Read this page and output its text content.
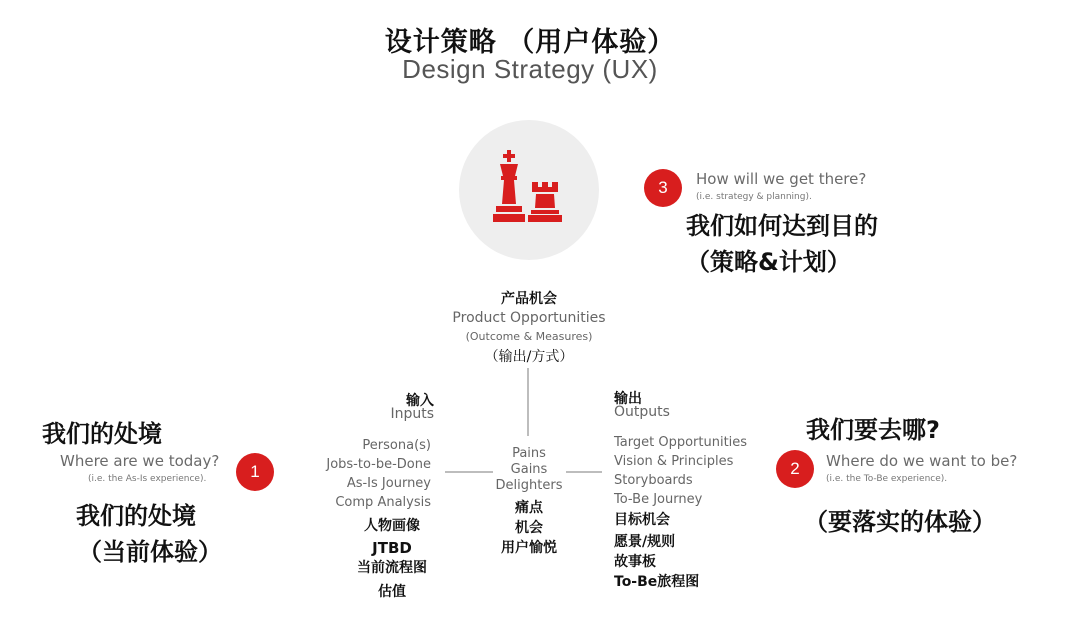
设计策略 （用户体验）
Design Strategy (UX)
3	How will we get there?
(i.e. strategy & planning).
我们如何达到目的
（策略&计划）
产品机会
Product Opportunities
(Outcome & Measures)
（输出/方式）
输入
Inputs
Persona(s)
Jobs-to-be-Done
As-Is Journey
Comp Analysis
人物画像
JTBD
当前流程图
估值
Pains
Gains
Delighters
痛点
机会
用户愉悦
输出
Outputs
Target Opportunities
Vision & Principles
Storyboards
To-Be Journey
目标机会
愿景/规则
故事板
To-Be旅程图
我们的处境
Where are we today?
(i.e. the As-Is experience).	1
我们的处境
（当前体验）
我们要去哪?
2	Where do we want to be?
(i.e. the To-Be experience).
（要落实的体验）
